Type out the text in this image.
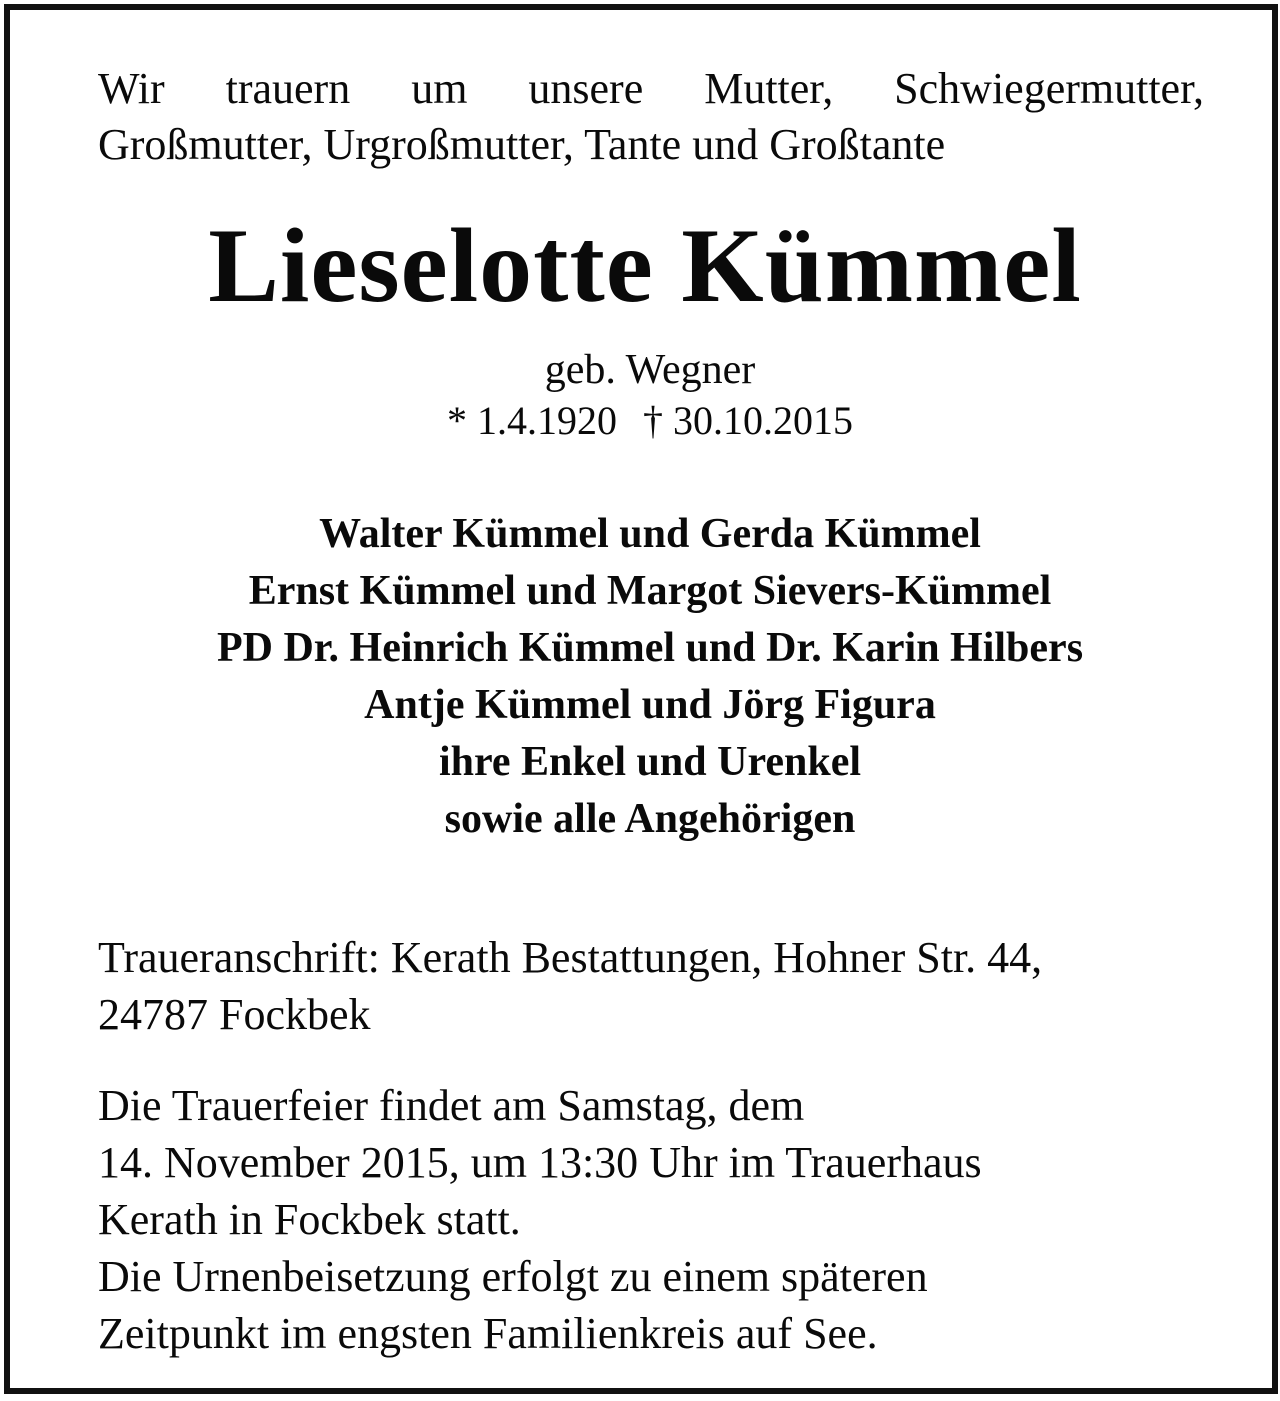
Wir trauern um unsere Mutter, Schwiegermutter,
Großmutter, Urgroßmutter, Tante und Großtante
Lieselotte Kümmel
geb. Wegner
* 1.4.1920 † 30.10.2015
Walter Kümmel und Gerda Kümmel
Ernst Kümmel und Margot Sievers-Kümmel
PD Dr. Heinrich Kümmel und Dr. Karin Hilbers
Antje Kümmel und Jörg Figura
ihre Enkel und Urenkel
sowie alle Angehörigen
Traueranschrift: Kerath Bestattungen, Hohner Str. 44,
24787 Fockbek
Die Trauerfeier findet am Samstag, dem
14. November 2015, um 13:30 Uhr im Trauerhaus
Kerath in Fockbek statt.
Die Urnenbeisetzung erfolgt zu einem späteren
Zeitpunkt im engsten Familienkreis auf See.
